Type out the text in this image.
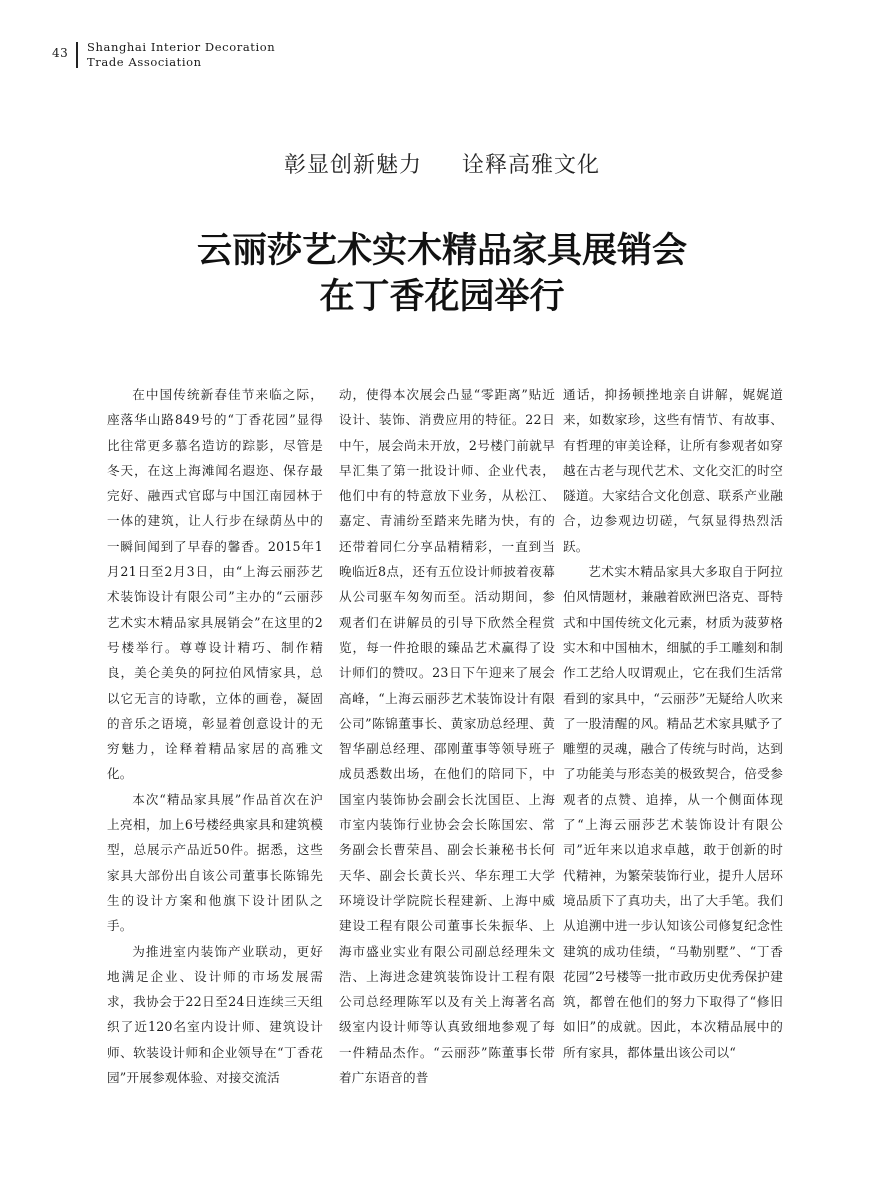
43 Shanghai Interior Decoration
Trade Association
彰显创新魅力 诠释高雅文化
云丽莎艺术实木精品家具展销会
在丁香花园举行

在中国传统新春佳节来临之际，座落华山路849号的“丁香花园”显得比往常更多慕名造访的踪影，尽管是冬天，在这上海滩闻名遐迩、保存最完好、融西式官邸与中国江南园林于一体的建筑，让人行步在绿荫丛中的一瞬间闻到了早春的馨香。2015年1月21日至2月3日，由“上海云丽莎艺术装饰设计有限公司”主办的“云丽莎艺术实木精品家具展销会”在这里的2号楼举行。尊尊设计精巧、制作精良，美仑美奂的阿拉伯风情家具，总以它无言的诗歌，立体的画卷，凝固的音乐之语境，彰显着创意设计的无穷魅力，诠释着精品家居的高雅文化。

本次“精品家具展”作品首次在沪上亮相，加上6号楼经典家具和建筑模型，总展示产品近50件。据悉，这些家具大部份出自该公司董事长陈锦先生的设计方案和他旗下设计团队之手。

为推进室内装饰产业联动，更好地满足企业、设计师的市场发展需求，我协会于22日至24日连续三天组织了近120名室内设计师、建筑设计师、软装设计师和企业领导在“丁香花园”开展参观体验、对接交流活

动，使得本次展会凸显“零距离”贴近设计、装饰、消费应用的特征。22日中午，展会尚未开放，2号楼门前就早早汇集了第一批设计师、企业代表，他们中有的特意放下业务，从松江、嘉定、青浦纷至踏来先睹为快，有的还带着同仁分享品精精彩，一直到当晚临近8点，还有五位设计师披着夜幕从公司驱车匆匆而至。活动期间，参观者们在讲解员的引导下欣然全程赏览，每一件抢眼的臻品艺术赢得了设计师们的赞叹。23日下午迎来了展会高峰，“上海云丽莎艺术装饰设计有限公司”陈锦董事长、黄家劢总经理、黄智华副总经理、邵刚董事等领导班子成员悉数出场，在他们的陪同下，中国室内装饰协会副会长沈国臣、上海市室内装饰行业协会会长陈国宏、常务副会长曹荣昌、副会长兼秘书长何天华、副会长黄长兴、华东理工大学环境设计学院院长程建新、上海中威建设工程有限公司董事长朱振华、上海市盛业实业有限公司副总经理朱文浩、上海进念建筑装饰设计工程有限公司总经理陈军以及有关上海著名高级室内设计师等认真致细地参观了每一件精品杰作。“云丽莎”陈董事长带着广东语音的普

通话，抑扬顿挫地亲自讲解，娓娓道来，如数家珍，这些有情节、有故事、有哲理的审美诠释，让所有参观者如穿越在古老与现代艺术、文化交汇的时空隧道。大家结合文化创意、联系产业融合，边参观边切磋，气氛显得热烈活跃。

艺术实木精品家具大多取自于阿拉伯风情题材，兼融着欧洲巴洛克、哥特式和中国传统文化元素，材质为菠萝格实木和中国柚木，细腻的手工雕刻和制作工艺给人叹谓观止，它在我们生活常看到的家具中，“云丽莎”无疑给人吹来了一股清醒的风。精品艺术家具赋予了雕塑的灵魂，融合了传统与时尚，达到了功能美与形态美的极致契合，倍受参观者的点赞、追捧，从一个侧面体现了“上海云丽莎艺术装饰设计有限公司”近年来以追求卓越，敢于创新的时代精神，为繁荣装饰行业，提升人居环境品质下了真功夫，出了大手笔。我们从追溯中进一步认知该公司修复纪念性建筑的成功佳绩，“马勒别墅”、“丁香花园”2号楼等一批市政历史优秀保护建筑，都曾在他们的努力下取得了“修旧如旧”的成就。因此，本次精品展中的所有家具，都体量出该公司以“
